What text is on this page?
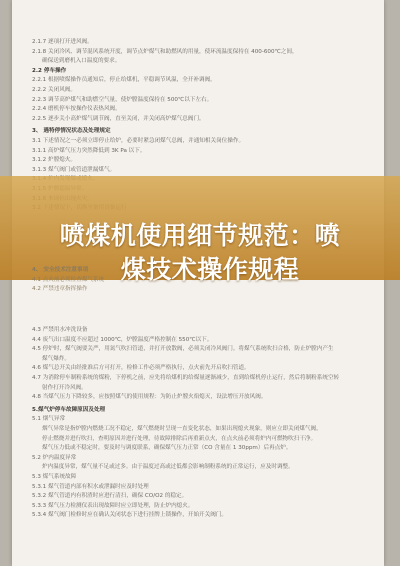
2.1.7 逐项打开进风阀。
2.1.8 关闭冷风、调节混风系统开度，调节点炉煤气和助燃风的用量，使环流温度保持在 400-600℃之间，
确保送到磨机入口温度的要求。
2.2 停车操作
2.2.1 根据喷煤操作员通知后，停止给煤机，平稳调节风温，全开补调阀。
2.2.2 关闭风阀。
2.2.3 调节高炉煤气和助燃空气量，使炉膛温度保持在 500℃以下左右。
2.2.4 磨机停车按操作仪表热风阀。
2.2.5 逐步关小高炉煤气调节阀，直至关闭，并关闭高炉煤气总阀门。
3、 遇特停情况状态及处理规定
3.1 下述情况之一必须立即停止给炉，必要时紧急闭煤气总阀，并通知相关岗位操作。
3.1.1 高炉煤气压力突然降低到 3K Pa 以下。
3.1.2 炉膛熄火。
3.1.3 煤气阀门或管道泄漏煤气。
4.3 严禁用水冲洗设备
4.4 废气出口温度不应超过 1000℃，炉膛温度严格控制在 550℃以下。
4.5 停炉时，煤气阀要关严，用氮气吹扫管道，并打开放散阀，必须关闭冷风阀门。将煤气系统吹扫合格，防止炉膛内产生
煤气爆炸。
4.6 煤气总开关由经批准后方可打开，检修工作必须严格执行，点火前先开启吹扫管道。
4.7 为消除停车制粉系统的煤粉，下停机之前，应先将给煤机的给煤量逐渐减少，直到给煤机停止运行，然后将制粉系统空转
射作打开冷风阀。
4.8 当煤气压力下降较多，应按照煤气的使用规程：为防止炉膛火焰熄灭，设法增压开放风阀。
5.煤气炉停车故障原因及处理
5.1 烟气异常
烟气异常是指炉膛内燃烧工况不稳定，煤气燃烧时呈现一直变化状态，如果出现熄火现象，则应立即关闭煤气阀，
停止燃烧并进行吹扫，查明原因并进行处理，待故障排除后再重新点火，在点火前必须将炉内可燃物吹扫干净。
煤气压力低或不稳定时，要及时与调度联系，确保煤气压力正常（CO 含量在 1 30ppm）后再点炉。
5.2 炉内温度异常
炉内温度异常，煤气量不足或过多。由于温度过高或过低都会影响制粉系统的正常运行，应及时调整。
5.3 煤气系统故障
5.3.1 煤气管道内部有积水或泄漏时应及时处理
5.3.2 煤气管道内有积渣时应进行清扫，确保 CO/O2 的稳定。
5.3.3 煤气压力检测仪表出现故障时应立即处理，防止炉内熄火。
5.3.4 煤气阀门检修时应在确认关闭状态下进行挂牌上锁操作，开始开关阀门。
4、 安全技术注意事项
4.1 点火前必须检查煤气系统
4.2 严禁违章指挥操作
喷煤机使用细节规范：喷
煤技术操作规程
